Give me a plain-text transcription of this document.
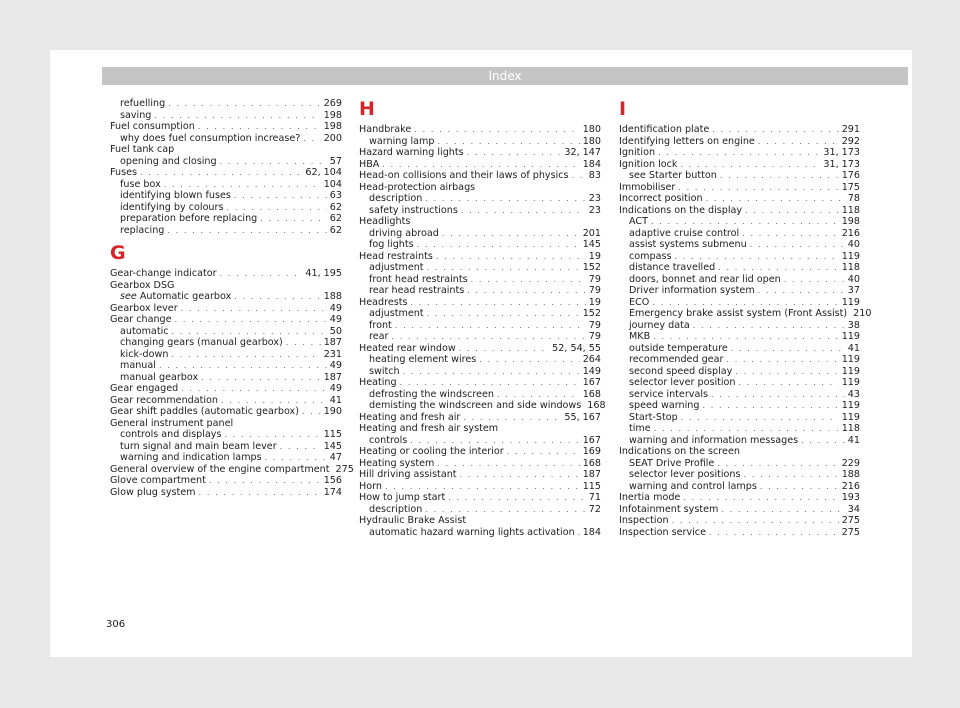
Index
refuelling . . .	269
saving . . .	198
Fuel consumption . . .	198
why does fuel consumption increase? . . . 200
Fuel tank cap
opening and closing . . .	57
Fuses . . .	62, 104
fuse box . . .	104
identifying blown fuses . . .	63
identifying by colours . . .	62
preparation before replacing . . .	62
replacing . . .	62
G
Gear-change indicator . . .	41, 195
Gearbox DSG
see Automatic gearbox . . .	188
Gearbox lever . . .	49
Gear change . . .	49
automatic . . .	50
changing gears (manual gearbox) . . .	187
kick-down . . .	231
manual . . .	49
manual gearbox . . .	187
Gear engaged . . .	49
Gear recommendation . . .	41
Gear shift paddles (automatic gearbox) . . .	190
General instrument panel
controls and displays . . .	115
turn signal and main beam lever . . .	145
warning and indication lamps . . .	47
General overview of the engine compartment 275
Glove compartment . . .	156
Glow plug system . . .	174
H
Handbrake . . .	180
warning lamp . . .	180
Hazard warning lights . . .	32, 147
HBA . . .	184
Head-on collisions and their laws of physics . . . 83
Head-protection airbags
description . . .	23
safety instructions . . .	23
Headlights
driving abroad . . .	201
fog lights . . .	145
Head restraints . . .	19
adjustment . . .	152
front head restraints . . .	79
rear head restraints . . .	79
Headrests . . .	19
adjustment . . .	152
front . . .	79
rear . . .	79
Heated rear window . . .	52, 54, 55
heating element wires . . .	264
switch . . .	149
Heating . . .	167
defrosting the windscreen . . .	168
demisting the windscreen and side windows 168
Heating and fresh air . . .	55, 167
Heating and fresh air system
controls . . .	167
Heating or cooling the interior . . .	169
Heating system . . .	168
Hill driving assistant . . .	187
Horn . . .	115
How to jump start . . .	71
description . . .	72
Hydraulic Brake Assist
automatic hazard warning lights activation . . . 184
I
Identification plate . . .	291
Identifying letters on engine . . .	292
Ignition . . .	31, 173
Ignition lock . . .	31, 173
see Starter button . . .	176
Immobiliser . . .	175
Incorrect position . . .	78
Indications on the display . . .	118
ACT . . .	198
adaptive cruise control . . .	216
assist systems submenu . . .	40
compass . . .	119
distance travelled . . .	118
doors, bonnet and rear lid open . . .	40
Driver information system . . .	37
ECO . . .	119
Emergency brake assist system (Front Assist) 210
journey data . . .	38
MKB . . .	119
outside temperature . . .	41
recommended gear . . .	119
second speed display . . .	119
selector lever position . . .	119
service intervals . . .	43
speed warning . . .	119
Start-Stop . . .	119
time . . .	118
warning and information messages . . .	41
Indications on the screen
SEAT Drive Profile . . .	229
selector lever positions . . .	188
warning and control lamps . . .	216
Inertia mode . . .	193
Infotainment system . . .	34
Inspection . . .	275
Inspection service . . .	275
306
